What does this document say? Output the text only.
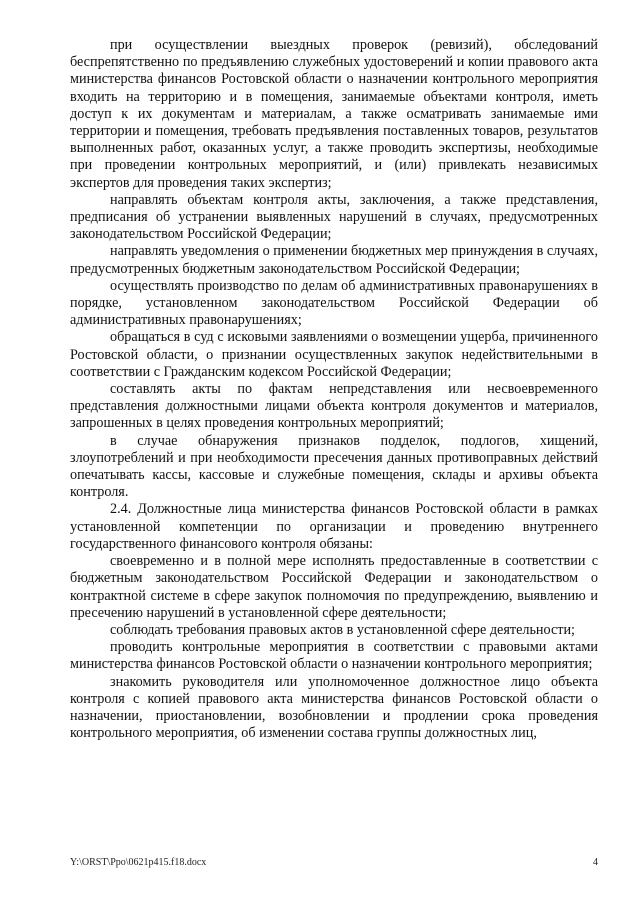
при осуществлении выездных проверок (ревизий), обследований беспрепятственно по предъявлению служебных удостоверений и копии правового акта министерства финансов Ростовской области о назначении контрольного мероприятия входить на территорию и в помещения, занимаемые объектами контроля, иметь доступ к их документам и материалам, а также осматривать занимаемые ими территории и помещения, требовать предъявления поставленных товаров, результатов выполненных работ, оказанных услуг, а также проводить экспертизы, необходимые при проведении контрольных мероприятий, и (или) привлекать независимых экспертов для проведения таких экспертиз;

направлять объектам контроля акты, заключения, а также представления, предписания об устранении выявленных нарушений в случаях, предусмотренных законодательством Российской Федерации;

направлять уведомления о применении бюджетных мер принуждения в случаях, предусмотренных бюджетным законодательством Российской Федерации;

осуществлять производство по делам об административных правонарушениях в порядке, установленном законодательством Российской Федерации об административных правонарушениях;

обращаться в суд с исковыми заявлениями о возмещении ущерба, причиненного Ростовской области, о признании осуществленных закупок недействительными в соответствии с Гражданским кодексом Российской Федерации;

составлять акты по фактам непредставления или несвоевременного представления должностными лицами объекта контроля документов и материалов, запрошенных в целях проведения контрольных мероприятий;

в случае обнаружения признаков подделок, подлогов, хищений, злоупотреблений и при необходимости пресечения данных противоправных действий опечатывать кассы, кассовые и служебные помещения, склады и архивы объекта контроля.

2.4. Должностные лица министерства финансов Ростовской области в рамках установленной компетенции по организации и проведению внутреннего государственного финансового контроля обязаны:

своевременно и в полной мере исполнять предоставленные в соответствии с бюджетным законодательством Российской Федерации и законодательством о контрактной системе в сфере закупок полномочия по предупреждению, выявлению и пресечению нарушений в установленной сфере деятельности;

соблюдать требования правовых актов в установленной сфере деятельности;

проводить контрольные мероприятия в соответствии с правовыми актами министерства финансов Ростовской области о назначении контрольного мероприятия;

знакомить руководителя или уполномоченное должностное лицо объекта контроля с копией правового акта министерства финансов Ростовской области о назначении, приостановлении, возобновлении и продлении срока проведения контрольного мероприятия, об изменении состава группы должностных лиц,

Y:\ORST\Ppo\0621p415.f18.docx	4
